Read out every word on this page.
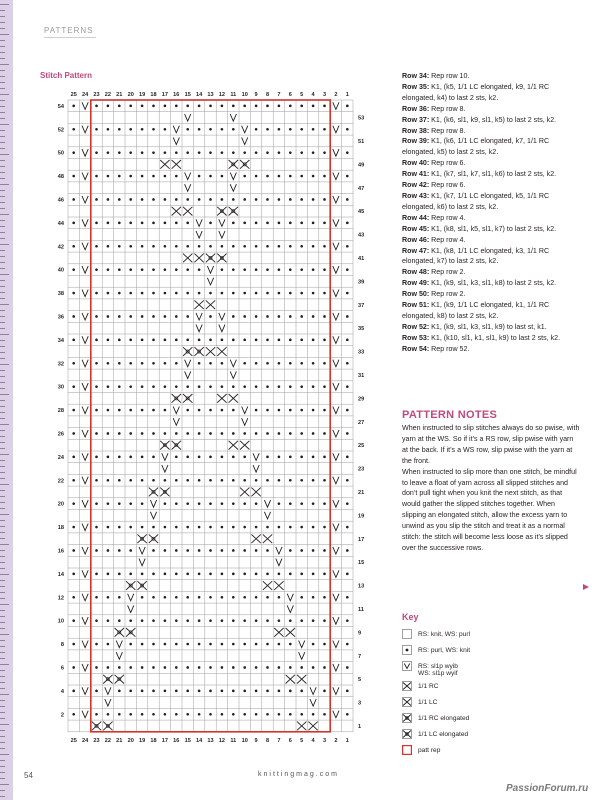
PATTERNS
Stitch Pattern
25
25
24
24
23
23
22
22
21
21
20
20
19
19
18
18
17
17
16
16
15
15
14
14
13
13
12
12
11
11
10
10
9
9
8
8
7
7
6
6
5
5
4
4
3
3
2
2
1
1
54
52
50
48
46
44
42
40
38
36
34
32
30
28
26
24
22
20
18
16
14
12
10
8
6
4
2
53
51
49
47
45
43
41
39
37
35
33
31
29
27
25
23
21
19
17
15
13
11
9
7
5
3
1
Row 34: Rep row 10.
Row 35: K1, (k5, 1/1 LC elongated, k9, 1/1 RC elongated, k4) to last 2 sts, k2.
Row 36: Rep row 8.
Row 37: K1, (k6, sl1, k9, sl1, k5) to last 2 sts, k2.
Row 38: Rep row 8.
Row 39: K1, (k6, 1/1 LC elongated, k7, 1/1 RC elongated, k5) to last 2 sts, k2.
Row 40: Rep row 6.
Row 41: K1, (k7, sl1, k7, sl1, k6) to last 2 sts, k2.
Row 42: Rep row 6.
Row 43: K1, (k7, 1/1 LC elongated, k5, 1/1 RC elongated, k6) to last 2 sts, k2.
Row 44: Rep row 4.
Row 45: K1, (k8, sl1, k5, sl1, k7) to last 2 sts, k2.
Row 46: Rep row 4.
Row 47: K1, (k8, 1/1 LC elongated, k3, 1/1 RC elongated, k7) to last 2 sts, k2.
Row 48: Rep row 2.
Row 49: K1, (k9, sl1, k3, sl1, k8) to last 2 sts, k2.
Row 50: Rep row 2.
Row 51: K1, (k9, 1/1 LC elongated, k1, 1/1 RC elongated, k8) to last 2 sts, k2.
Row 52: K1, (k9, sl1, k3, sl1, k9) to last st, k1.
Row 53: K1, (k10, sl1, k1, sl1, k9) to last 2 sts, k2.
Row 54: Rep row 52.
PATTERN NOTES

When instructed to slip stitches always do so pwise, with yarn at the WS. So if it’s a RS row, slip pwise with yarn at the back. If it’s a WS row, slip pwise with the yarn at the front.

When instructed to slip more than one stitch, be mindful to leave a float of yarn across all slipped stitches and don’t pull tight when you knit the next stitch, as that would gather the slipped stitches together. When slipping an elongated stitch, allow the excess yarn to unwind as you slip the stitch and treat it as a normal stitch: the stitch will become less loose as it’s slipped over the successive rows.

Key
RS: knit, WS: purl
RS: purl, WS: knit
RS: sl1p wyib
WS: sl1p wyif
1/1 RC
1/1 LC
1/1 RC elongated
1/1 LC elongated
patt rep
54	knittingmag.com
PassionForum.ru
